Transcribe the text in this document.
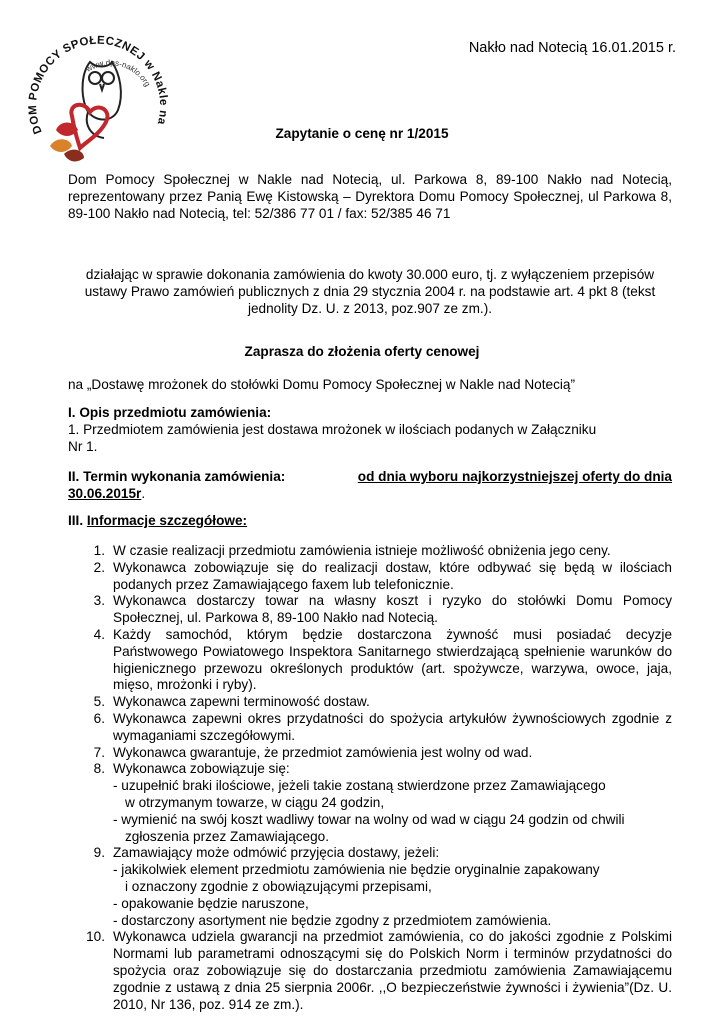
DOM POMOCY SPOŁECZNEJ w Nakle na
www.dps-naklo.org
Nakło nad Notecią 16.01.2015 r.
Zapytanie o cenę nr 1/2015
Dom Pomocy Społecznej w Nakle nad Notecią, ul. Parkowa 8, 89-100 Nakło nad Notecią, reprezentowany przez Panią Ewę Kistowską – Dyrektora Domu Pomocy Społecznej, ul Parkowa 8, 89-100 Nakło nad Notecią, tel: 52/386 77 01 / fax: 52/385 46 71
działając w sprawie dokonania zamówienia do kwoty 30.000 euro, tj. z wyłączeniem przepisów
ustawy Prawo zamówień publicznych z dnia 29 stycznia 2004 r. na podstawie art. 4 pkt 8 (tekst
jednolity Dz. U. z 2013, poz.907 ze zm.).
Zaprasza do złożenia oferty cenowej
na „Dostawę mrożonek do stołówki Domu Pomocy Społecznej w Nakle nad Notecią”
I. Opis przedmiotu zamówienia:
1. Przedmiotem zamówienia jest dostawa mrożonek w ilościach podanych w Załączniku
Nr 1.
II. Termin wykonania zamówienia:	od dnia wyboru najkorzystniejszej oferty do dnia
30.06.2015r.
III. Informacje szczegółowe:
1. W czasie realizacji przedmiotu zamówienia istnieje możliwość obniżenia jego ceny.
2. Wykonawca zobowiązuje się do realizacji dostaw, które odbywać się będą w ilościach podanych przez Zamawiającego faxem lub telefonicznie.
3. Wykonawca dostarczy towar na własny koszt i ryzyko do stołówki Domu Pomocy Społecznej, ul. Parkowa 8, 89-100 Nakło nad Notecią.
4. Każdy samochód, którym będzie dostarczona żywność musi posiadać decyzje Państwowego Powiatowego Inspektora Sanitarnego stwierdzającą spełnienie warunków do higienicznego przewozu określonych produktów (art. spożywcze, warzywa, owoce, jaja, mięso, mrożonki i ryby).
5. Wykonawca zapewni terminowość dostaw.
6. Wykonawca zapewni okres przydatności do spożycia artykułów żywnościowych zgodnie z wymaganiami szczegółowymi.
7. Wykonawca gwarantuje, że przedmiot zamówienia jest wolny od wad.
8. Wykonawca zobowiązuje się:
- uzupełnić braki ilościowe, jeżeli takie zostaną stwierdzone przez Zamawiającego
w otrzymanym towarze, w ciągu 24 godzin,
- wymienić na swój koszt wadliwy towar na wolny od wad w ciągu 24 godzin od chwili
zgłoszenia przez Zamawiającego.
9. Zamawiający może odmówić przyjęcia dostawy, jeżeli:
- jakikolwiek element przedmiotu zamówienia nie będzie oryginalnie zapakowany
i oznaczony zgodnie z obowiązującymi przepisami,
- opakowanie będzie naruszone,
- dostarczony asortyment nie będzie zgodny z przedmiotem zamówienia.
10. Wykonawca udziela gwarancji na przedmiot zamówienia, co do jakości zgodnie z Polskimi Normami lub parametrami odnoszącymi się do Polskich Norm i terminów przydatności do spożycia oraz zobowiązuje się do dostarczania przedmiotu zamówienia Zamawiającemu zgodnie z ustawą z dnia 25 sierpnia 2006r. ,,O bezpieczeństwie żywności i żywienia”(Dz. U. 2010, Nr 136, poz. 914 ze zm.).
